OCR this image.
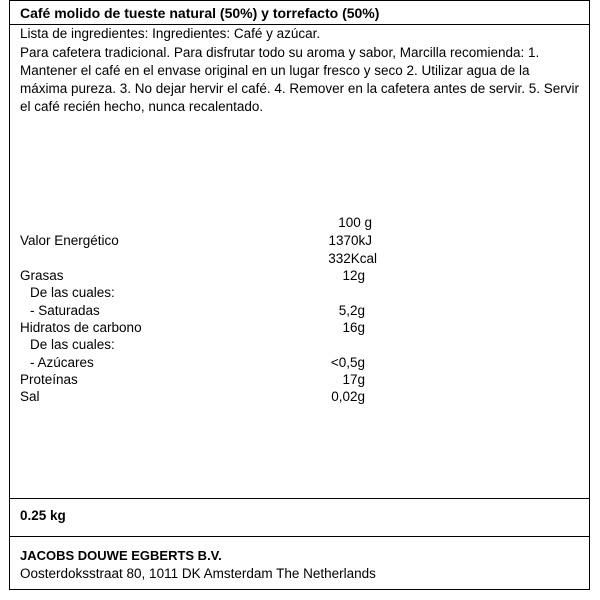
Café molido de tueste natural (50%) y torrefacto (50%)
Lista de ingredientes: Ingredientes: Café y azúcar.
Para cafetera tradicional. Para disfrutar todo su aroma y sabor, Marcilla recomienda: 1. Mantener el café en el envase original en un lugar fresco y seco 2. Utilizar agua de la máxima pureza. 3. No dejar hervir el café. 4. Remover en la cafetera antes de servir. 5. Servir el café recién hecho, nunca recalentado.
100 g
Valor Energético	1370kJ
332Kcal
Grasas	12g
De las cuales:
- Saturadas	5,2g
Hidratos de carbono	16g
De las cuales:
- Azúcares	<0,5g
Proteínas	17g
Sal	0,02g
0.25 kg
JACOBS DOUWE EGBERTS B.V.
Oosterdoksstraat 80, 1011 DK Amsterdam The Netherlands
